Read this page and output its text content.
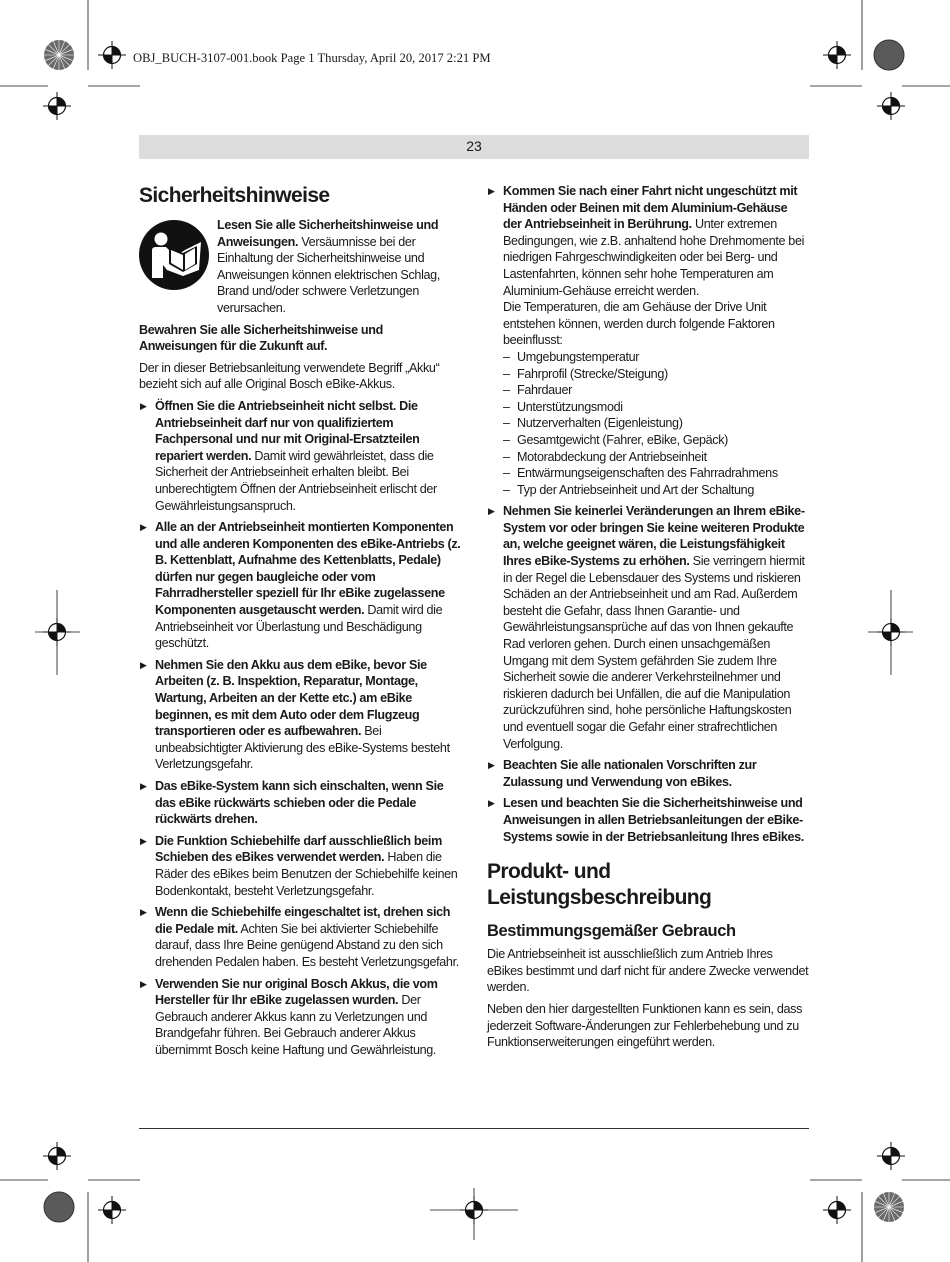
OBJ_BUCH-3107-001.book Page 1 Thursday, April 20, 2017 2:21 PM
23
Sicherheitshinweise
Lesen Sie alle Sicherheitshinweise und Anweisungen. Versäumnisse bei der Einhaltung der Sicherheitshinweise und Anweisungen können elektrischen Schlag, Brand und/oder schwere Verletzungen verursachen.

Bewahren Sie alle Sicherheitshinweise und Anweisungen für die Zukunft auf.

Der in dieser Betriebsanleitung verwendete Begriff „Akku“ bezieht sich auf alle Original Bosch eBike-Akkus.

▶ Öffnen Sie die Antriebseinheit nicht selbst. Die Antriebseinheit darf nur von qualifiziertem Fachpersonal und nur mit Original-Ersatzteilen repariert werden. Damit wird gewährleistet, dass die Sicherheit der Antriebseinheit erhalten bleibt. Bei unberechtigtem Öffnen der Antriebseinheit erlischt der Gewährleistungsanspruch.
▶ Alle an der Antriebseinheit montierten Komponenten und alle anderen Komponenten des eBike-Antriebs (z. B. Kettenblatt, Aufnahme des Kettenblatts, Pedale) dürfen nur gegen baugleiche oder vom Fahrradhersteller speziell für Ihr eBike zugelassene Komponenten ausgetauscht werden. Damit wird die Antriebseinheit vor Überlastung und Beschädigung geschützt.
▶ Nehmen Sie den Akku aus dem eBike, bevor Sie Arbeiten (z. B. Inspektion, Reparatur, Montage, Wartung, Arbeiten an der Kette etc.) am eBike beginnen, es mit dem Auto oder dem Flugzeug transportieren oder es aufbewahren. Bei unbeabsichtigter Aktivierung des eBike-Systems besteht Verletzungsgefahr.
▶ Das eBike-System kann sich einschalten, wenn Sie das eBike rückwärts schieben oder die Pedale rückwärts drehen.
▶ Die Funktion Schiebehilfe darf ausschließlich beim Schieben des eBikes verwendet werden. Haben die Räder des eBikes beim Benutzen der Schiebehilfe keinen Bodenkontakt, besteht Verletzungsgefahr.
▶ Wenn die Schiebehilfe eingeschaltet ist, drehen sich die Pedale mit. Achten Sie bei aktivierter Schiebehilfe darauf, dass Ihre Beine genügend Abstand zu den sich drehenden Pedalen haben. Es besteht Verletzungsgefahr.
▶ Verwenden Sie nur original Bosch Akkus, die vom Hersteller für Ihr eBike zugelassen wurden. Der Gebrauch anderer Akkus kann zu Verletzungen und Brandgefahr führen. Bei Gebrauch anderer Akkus übernimmt Bosch keine Haftung und Gewährleistung.
▶ Kommen Sie nach einer Fahrt nicht ungeschützt mit Händen oder Beinen mit dem Aluminium-Gehäuse der Antriebseinheit in Berührung. Unter extremen Bedingungen, wie z.B. anhaltend hohe Drehmomente bei niedrigen Fahrgeschwindigkeiten oder bei Berg- und Lastenfahrten, können sehr hohe Temperaturen am Aluminium-Gehäuse erreicht werden.
Die Temperaturen, die am Gehäuse der Drive Unit entstehen können, werden durch folgende Faktoren beeinflusst:
– Umgebungstemperatur
– Fahrprofil (Strecke/Steigung)
– Fahrdauer
– Unterstützungsmodi
– Nutzerverhalten (Eigenleistung)
– Gesamtgewicht (Fahrer, eBike, Gepäck)
– Motorabdeckung der Antriebseinheit
– Entwärmungseigenschaften des Fahrradrahmens
– Typ der Antriebseinheit und Art der Schaltung
▶ Nehmen Sie keinerlei Veränderungen an Ihrem eBike-System vor oder bringen Sie keine weiteren Produkte an, welche geeignet wären, die Leistungsfähigkeit Ihres eBike-Systems zu erhöhen. Sie verringern hiermit in der Regel die Lebensdauer des Systems und riskieren Schäden an der Antriebseinheit und am Rad. Außerdem besteht die Gefahr, dass Ihnen Garantie- und Gewährleistungsansprüche auf das von Ihnen gekaufte Rad verloren gehen. Durch einen unsachgemäßen Umgang mit dem System gefährden Sie zudem Ihre Sicherheit sowie die anderer Verkehrsteilnehmer und riskieren dadurch bei Unfällen, die auf die Manipulation zurückzuführen sind, hohe persönliche Haftungskosten und eventuell sogar die Gefahr einer strafrechtlichen Verfolgung.
▶ Beachten Sie alle nationalen Vorschriften zur Zulassung und Verwendung von eBikes.
▶ Lesen und beachten Sie die Sicherheitshinweise und Anweisungen in allen Betriebsanleitungen der eBike-Systems sowie in der Betriebsanleitung Ihres eBikes.
Produkt- und Leistungsbeschreibung
Bestimmungsgemäßer Gebrauch

Die Antriebseinheit ist ausschließlich zum Antrieb Ihres eBikes bestimmt und darf nicht für andere Zwecke verwendet werden.

Neben den hier dargestellten Funktionen kann es sein, dass jederzeit Software-Änderungen zur Fehlerbehebung und zu Funktionserweiterungen eingeführt werden.
